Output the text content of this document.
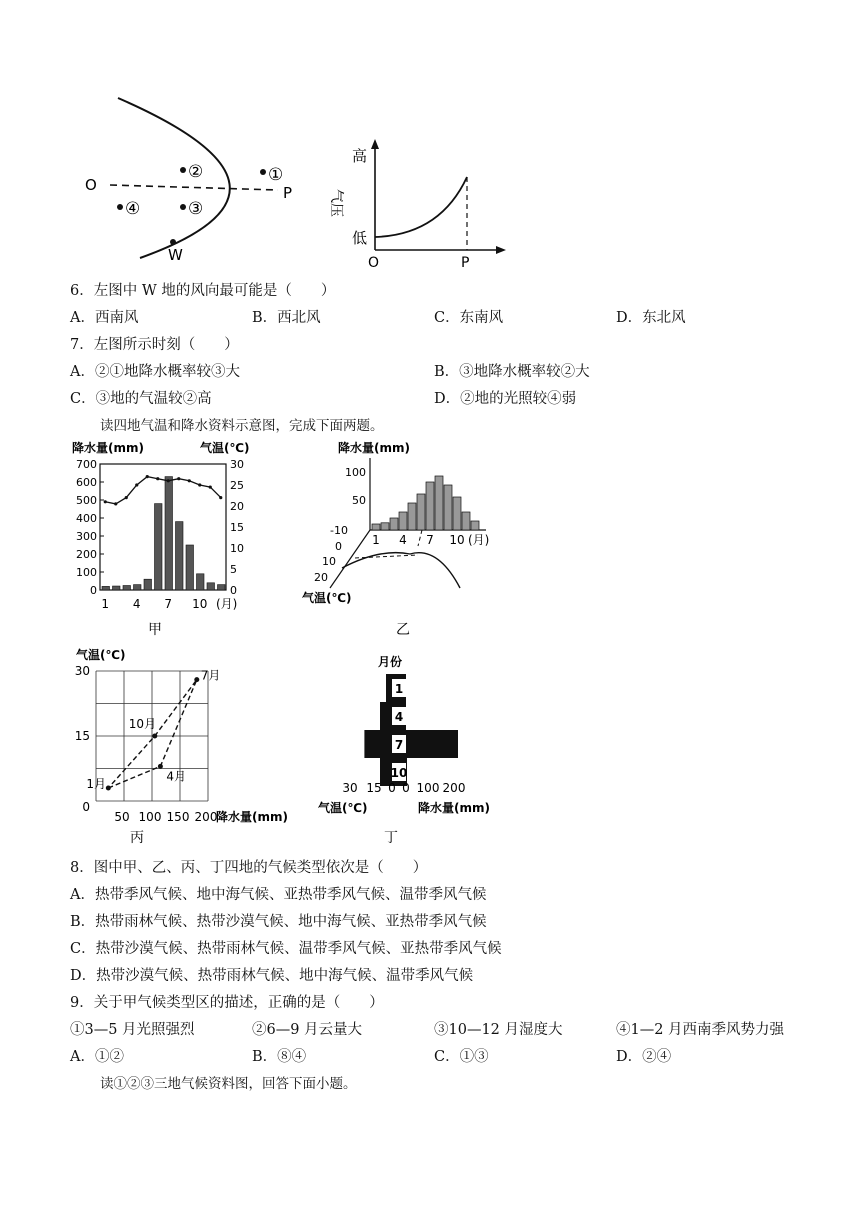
①
②
③
④
O	P
W
高
低
气压
O	P
6．左图中 W 地的风向最可能是（　　）
A．西南风	B．西北风	C．东南风	D．东北风
7．左图所示时刻（　　）
A．②①地降水概率较③大	B．③地降水概率较②大
C．③地的气温较②高	D．②地的光照较④弱
读四地气温和降水资料示意图，完成下面两题。
降水量(mm)	气温(℃)
700
600
500
400
300
200
100
0
30
25
20
15
10
5
0
1 4 7 10 (月)
甲
降水量(mm)
100
50
1 4 7 10 (月)
-10
0
10
20
气温(℃)
乙
气温(℃)
30
15
0
50 100 150 200
1月
4月
7月
10月
降水量(mm)
丙
月份
1
4
7
10
30 15 0 0 100 200
气温(℃)	降水量(mm)
丁
8．图中甲、乙、丙、丁四地的气候类型依次是（　　）
A．热带季风气候、地中海气候、亚热带季风气候、温带季风气候
B．热带雨林气候、热带沙漠气候、地中海气候、亚热带季风气候
C．热带沙漠气候、热带雨林气候、温带季风气候、亚热带季风气候
D．热带沙漠气候、热带雨林气候、地中海气候、温带季风气候
9．关于甲气候类型区的描述，正确的是（　　）
①3—5 月光照强烈	②6—9 月云量大	③10—12 月湿度大	④1—2 月西南季风势力强
A．①②	B．⑧④	C．①③	D．②④
读①②③三地气候资料图，回答下面小题。
